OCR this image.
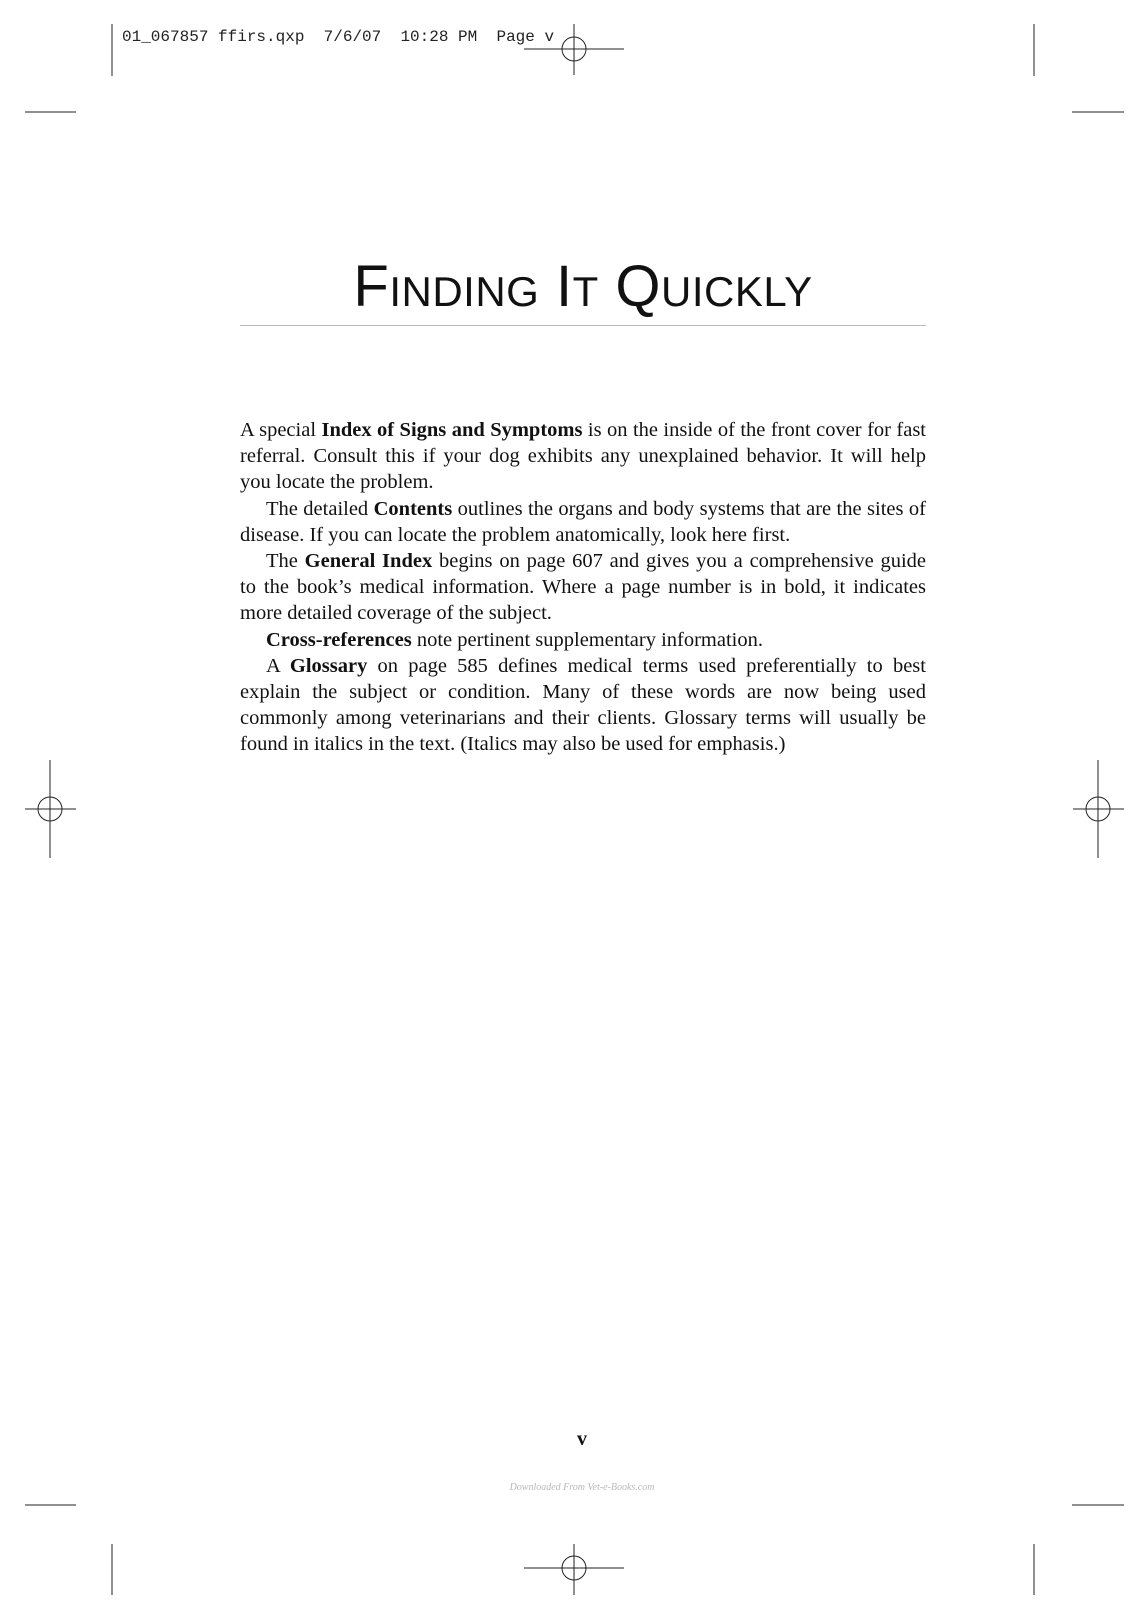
01_067857 ffirs.qxp  7/6/07  10:28 PM  Page v
FINDING IT QUICKLY

A special Index of Signs and Symptoms is on the inside of the front cover for fast referral. Consult this if your dog exhibits any unexplained behavior. It will help you locate the problem.

The detailed Contents outlines the organs and body systems that are the sites of disease. If you can locate the problem anatomically, look here first.

The General Index begins on page 607 and gives you a comprehensive guide to the book’s medical information. Where a page number is in bold, it indicates more detailed coverage of the subject.

Cross-references note pertinent supplementary information.

A Glossary on page 585 defines medical terms used preferentially to best explain the subject or condition. Many of these words are now being used commonly among veterinarians and their clients. Glossary terms will usually be found in italics in the text. (Italics may also be used for emphasis.)

v
Downloaded From Vet-e-Books.com
